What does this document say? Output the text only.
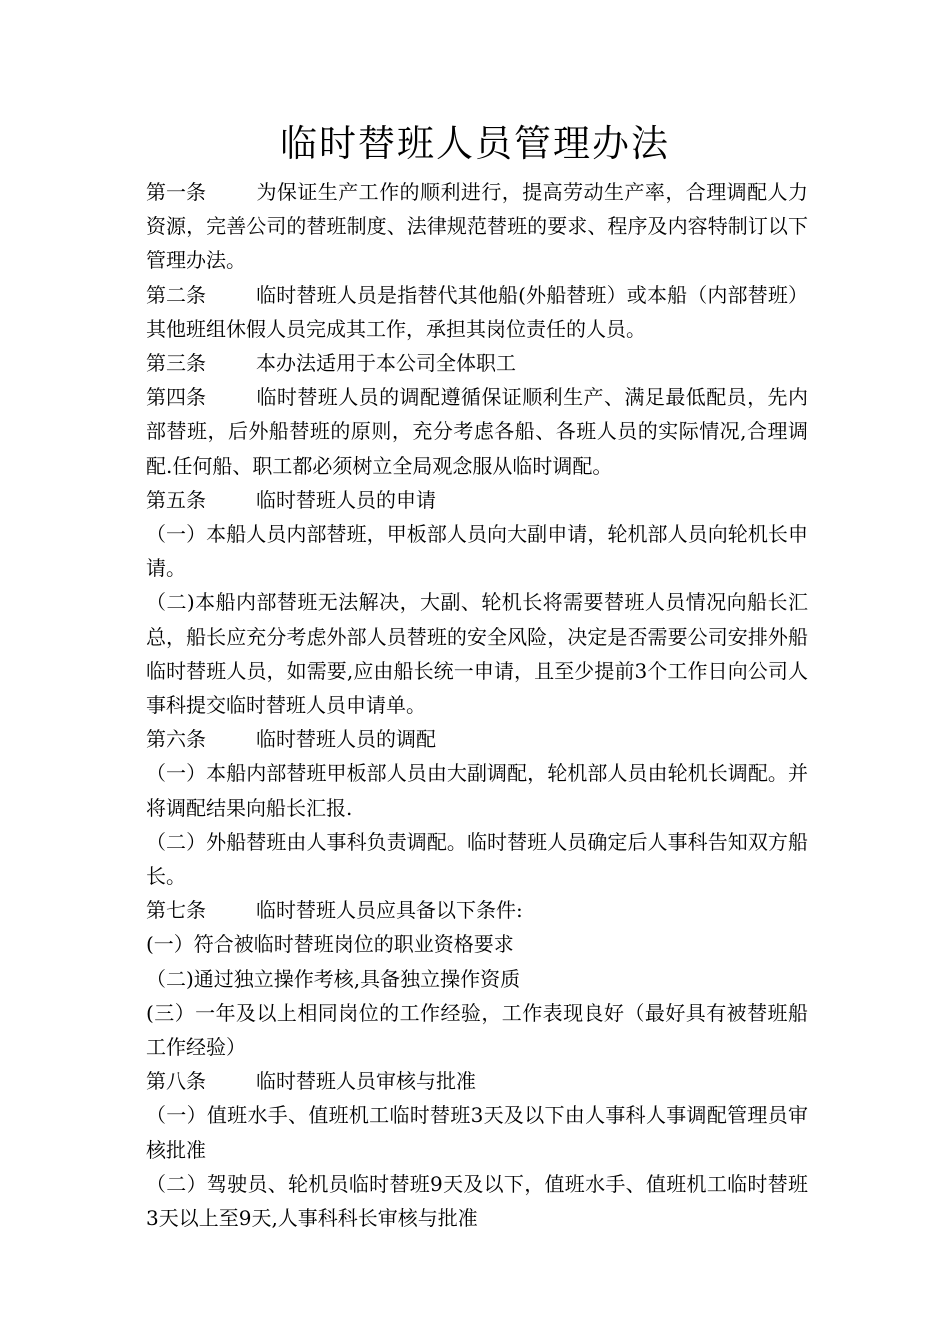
临时替班人员管理办法

第一条	为保证生产工作的顺利进行，提高劳动生产率，合理调配人力资源，完善公司的替班制度、法律规范替班的要求、程序及内容特制订以下管理办法。

第二条	临时替班人员是指替代其他船(外船替班）或本船（内部替班）其他班组休假人员完成其工作，承担其岗位责任的人员。

第三条	本办法适用于本公司全体职工

第四条	临时替班人员的调配遵循保证顺利生产、满足最低配员，先内部替班，后外船替班的原则，充分考虑各船、各班人员的实际情况,合理调配.任何船、职工都必须树立全局观念服从临时调配。

第五条	临时替班人员的申请

（一）本船人员内部替班，甲板部人员向大副申请，轮机部人员向轮机长申请。

（二)本船内部替班无法解决，大副、轮机长将需要替班人员情况向船长汇总，船长应充分考虑外部人员替班的安全风险，决定是否需要公司安排外船临时替班人员，如需要,应由船长统一申请，且至少提前3个工作日向公司人事科提交临时替班人员申请单。

第六条	临时替班人员的调配

（一）本船内部替班甲板部人员由大副调配，轮机部人员由轮机长调配。并将调配结果向船长汇报.

（二）外船替班由人事科负责调配。临时替班人员确定后人事科告知双方船长。

第七条	临时替班人员应具备以下条件:

(一）符合被临时替班岗位的职业资格要求

（二)通过独立操作考核,具备独立操作资质

(三）一年及以上相同岗位的工作经验，工作表现良好（最好具有被替班船工作经验）

第八条	临时替班人员审核与批准

（一）值班水手、值班机工临时替班3天及以下由人事科人事调配管理员审核批准

（二）驾驶员、轮机员临时替班9天及以下，值班水手、值班机工临时替班3天以上至9天,人事科科长审核与批准
